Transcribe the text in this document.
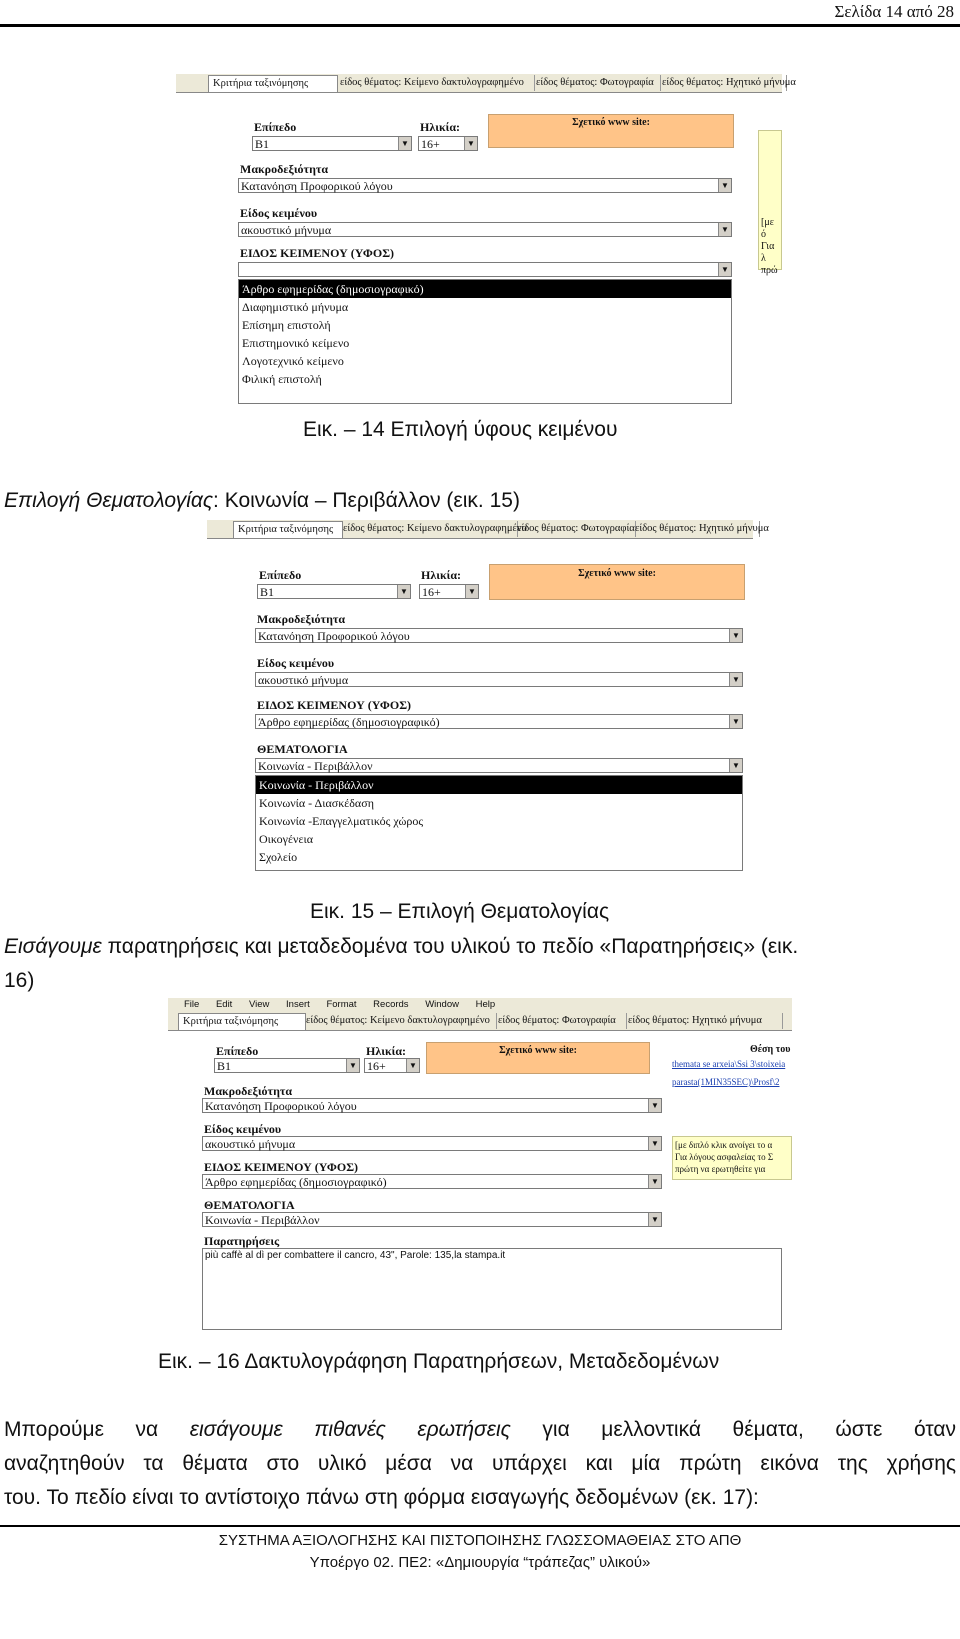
Σελίδα 14 από 28
Κριτήρια ταξινόμησης	είδος θέματος: Κείμενο δακτυλογραφημένο	είδος θέματος: Φωτογραφία είδος θέματος: Ηχητικό μήνυμα
Επίπεδο
B1	▼
Ηλικία:
16+	▼
Σχετικό www site:
[με ό
Για λ
πρώ
Μακροδεξιότητα
Κατανόηση Προφορικού λόγου	▼
Είδος κειμένου
ακουστικό μήνυμα	▼
ΕΙΔΟΣ ΚΕΙΜΕΝΟΥ (ΥΦΟΣ)
▼
Άρθρο εφημερίδας (δημοσιογραφικό)
Διαφημιστικό μήνυμα
Επίσημη επιστολή
Επιστημονικό κείμενο
Λογοτεχνικό κείμενο
Φιλική επιστολή
Εικ. – 14 Επιλογή ύφους κειμένου
Επιλογή Θεματολογίας: Κοινωνία – Περιβάλλον (εικ. 15)
Κριτήρια ταξινόμησης είδος θέματος: Κείμενο δακτυλογραφημένο
είδος θέματος: Φωτογραφία είδος θέματος: Ηχητικό μήνυμα
Επίπεδο
B1	▼
Ηλικία:
16+	▼
Σχετικό www site:
Μακροδεξιότητα
Κατανόηση Προφορικού λόγου	▼
Είδος κειμένου
ακουστικό μήνυμα	▼
ΕΙΔΟΣ ΚΕΙΜΕΝΟΥ (ΥΦΟΣ)
Άρθρο εφημερίδας (δημοσιογραφικό)	▼
ΘΕΜΑΤΟΛΟΓΙΑ
Κοινωνία - Περιβάλλον	▼
Κοινωνία - Περιβάλλον
Κοινωνία - Διασκέδαση
Κοινωνία -Επαγγελματικός χώρος
Οικογένεια
Σχολείο
Εικ. 15 – Επιλογή Θεματολογίας
Εισάγουμε παρατηρήσεις και μεταδεδομένα του υλικού το πεδίο «Παρατηρήσεις» (εικ.
16)
File Edit View Insert Format Records Window Help
Κριτήρια ταξινόμησης	είδος θέματος: Κείμενο δακτυλογραφημένο είδος θέματος: Φωτογραφία	είδος θέματος: Ηχητικό μήνυμα
Επίπεδο
B1	▼
Ηλικία:
16+	▼
Σχετικό www site:	Θέση του
themata se arxeia\Ssi 3\stoixeia
parasta(1MIN35SEC)\Prosf\2
[με διπλό κλικ ανοίγει το α
Για λόγους ασφαλείας το Σ
πρώτη να ερωτηθείτε για
Μακροδεξιότητα
Κατανόηση Προφορικού λόγου	▼
Είδος κειμένου
ακουστικό μήνυμα	▼
ΕΙΔΟΣ ΚΕΙΜΕΝΟΥ (ΥΦΟΣ)
Άρθρο εφημερίδας (δημοσιογραφικό)	▼
ΘΕΜΑΤΟΛΟΓΙΑ
Κοινωνία - Περιβάλλον	▼
Παρατηρήσεις
più caffè al dì per combattere il cancro, 43", Parole: 135,la stampa.it
Εικ. – 16 Δακτυλογράφηση Παρατηρήσεων, Μεταδεδομένων
Μπορούμε να εισάγουμε πιθανές ερωτήσεις για μελλοντικά θέματα, ώστε όταν
αναζητηθούν τα θέματα στο υλικό μέσα να υπάρχει και μία πρώτη εικόνα της χρήσης
του. Το πεδίο είναι το αντίστοιχο πάνω στη φόρμα εισαγωγής δεδομένων (εκ. 17):
ΣΥΣΤΗΜΑ ΑΞΙΟΛΟΓΗΣΗΣ ΚΑΙ ΠΙΣΤΟΠΟΙΗΣΗΣ ΓΛΩΣΣΟΜΑΘΕΙΑΣ ΣΤΟ ΑΠΘ
Υποέργο 02. ΠΕ2: «Δημιουργία “τράπεζας” υλικού»
